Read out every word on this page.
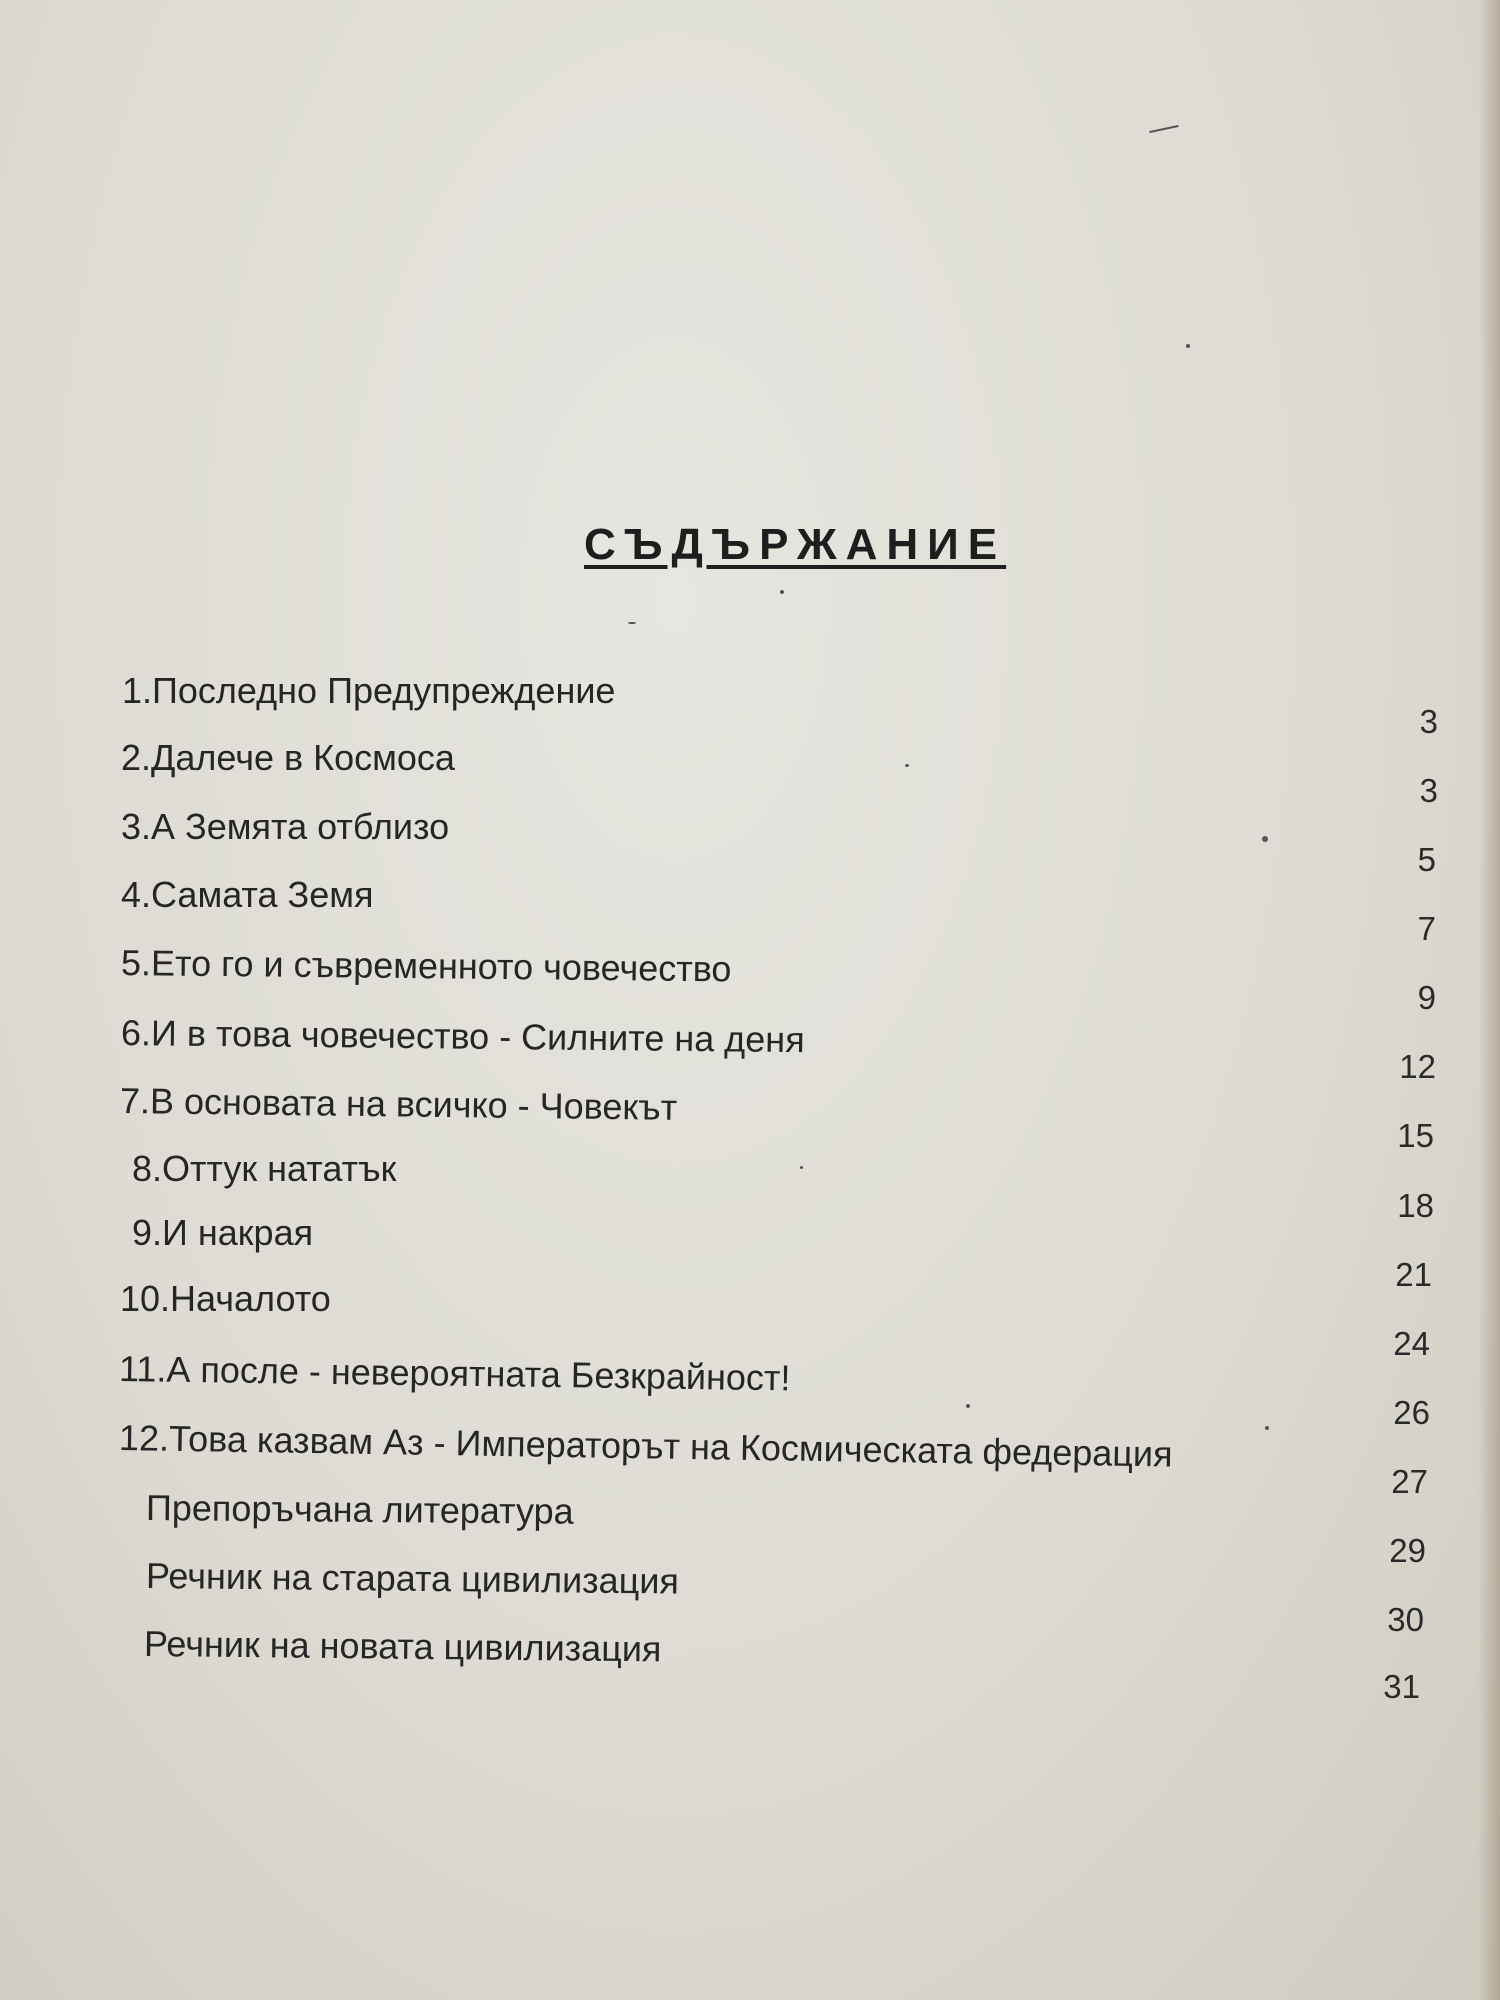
СЪДЪРЖАНИЕ
1.Последно Предупреждение
3
2.Далече в Космоса
3
3.А Земята отблизо
5
4.Самата Земя
7
5.Ето го и съвременното човечество
9
6.И в това човечество - Силните на деня
12
7.В основата на всичко - Човекът
15
8.Оттук нататък
18
9.И накрая
21
10.Началото
24
11.А после - невероятната Безкрайност!
26
12.Това казвам Аз - Императорът на Космическата федерация
27
Препоръчана литература
29
Речник на старата цивилизация
30
Речник на новата цивилизация
31
